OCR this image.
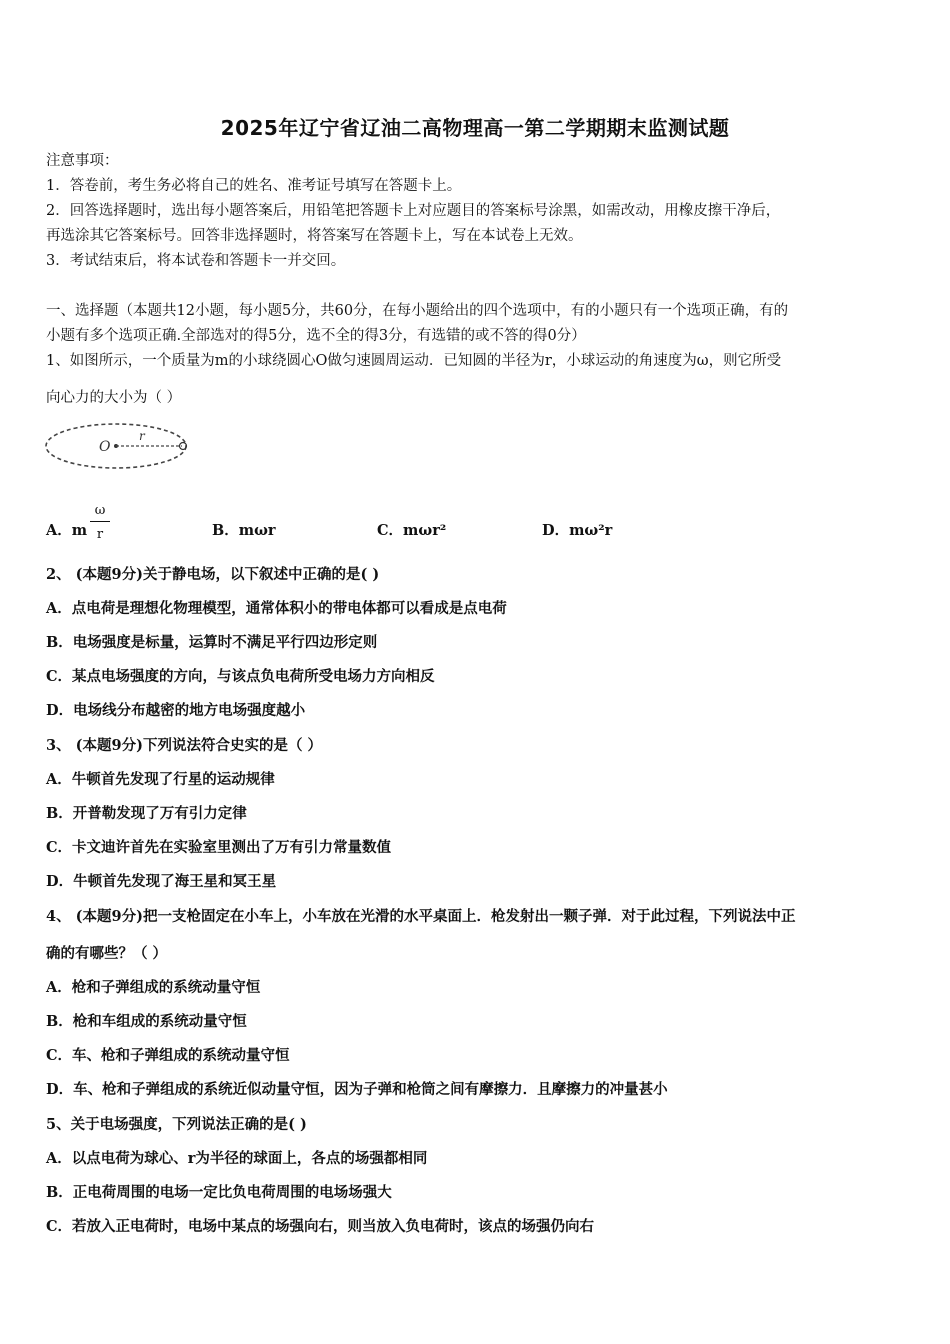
2025年辽宁省辽油二高物理高一第二学期期末监测试题
注意事项：
1．答卷前，考生务必将自己的姓名、准考证号填写在答题卡上。
2．回答选择题时，选出每小题答案后，用铅笔把答题卡上对应题目的答案标号涂黑，如需改动，用橡皮擦干净后，
再选涂其它答案标号。回答非选择题时，将答案写在答题卡上，写在本试卷上无效。
3．考试结束后，将本试卷和答题卡一并交回。
一、选择题（本题共12小题，每小题5分，共60分，在每小题给出的四个选项中，有的小题只有一个选项正确，有的
小题有多个选项正确.全部选对的得5分，选不全的得3分，有选错的或不答的得0分）
1、如图所示，一个质量为m的小球绕圆心O做匀速圆周运动．已知圆的半径为r，小球运动的角速度为ω，则它所受
向心力的大小为（ ）
O
r
A．m
ω
r	B．mωr	C．mωr²	D．mω²r
2、 (本题9分)关于静电场，以下叙述中正确的是( )
A．点电荷是理想化物理模型，通常体积小的带电体都可以看成是点电荷
B．电场强度是标量，运算时不满足平行四边形定则
C．某点电场强度的方向，与该点负电荷所受电场力方向相反
D．电场线分布越密的地方电场强度越小
3、 (本题9分)下列说法符合史实的是（ ）
A．牛顿首先发现了行星的运动规律
B．开普勒发现了万有引力定律
C．卡文迪许首先在实验室里测出了万有引力常量数值
D．牛顿首先发现了海王星和冥王星
4、 (本题9分)把一支枪固定在小车上，小车放在光滑的水平桌面上．枪发射出一颗子弹．对于此过程，下列说法中正
确的有哪些？（ ）
A．枪和子弹组成的系统动量守恒
B．枪和车组成的系统动量守恒
C．车、枪和子弹组成的系统动量守恒
D．车、枪和子弹组成的系统近似动量守恒，因为子弹和枪筒之间有摩擦力．且摩擦力的冲量甚小
5、关于电场强度，下列说法正确的是( )
A．以点电荷为球心、r为半径的球面上，各点的场强都相同
B．正电荷周围的电场一定比负电荷周围的电场场强大
C．若放入正电荷时，电场中某点的场强向右，则当放入负电荷时，该点的场强仍向右
